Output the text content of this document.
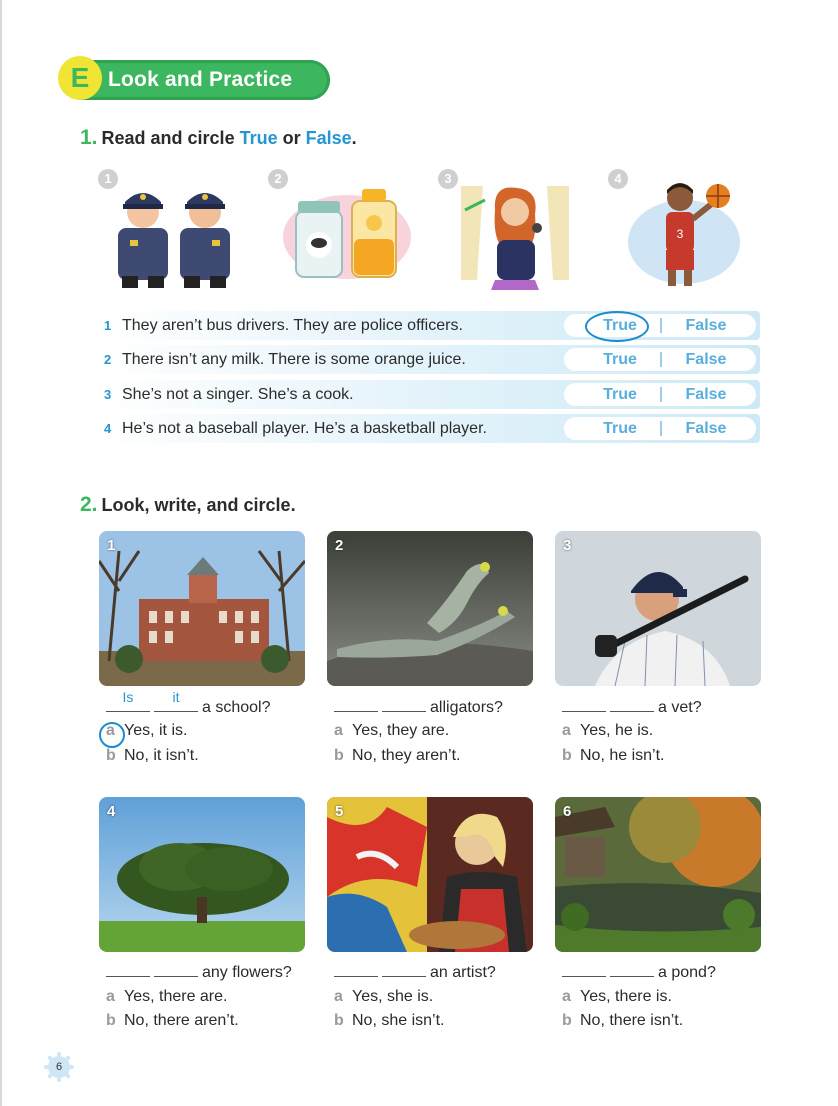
E Look and Practice
1. Read and circle True or False.
1	2	3	4
3
1 They aren’t bus drivers. They are police officers.	True	False
2 There isn’t any milk. There is some orange juice.	True	False
3 She’s not a singer. She’s a cook.	True	False
4 He’s not a baseball player. He’s a basketball player.	True	False
2. Look, write, and circle.
1	2	3
4	5	6
Is	it
a school?
a Yes, it is.
b No, it isn’t.
alligators?
a Yes, they are.
b No, they aren’t.
a vet?
a Yes, he is.
b No, he isn’t.
any flowers?
a Yes, there are.
b No, there aren’t.
an artist?
a Yes, she is.
b No, she isn’t.
a pond?
a Yes, there is.
b No, there isn’t.
6
